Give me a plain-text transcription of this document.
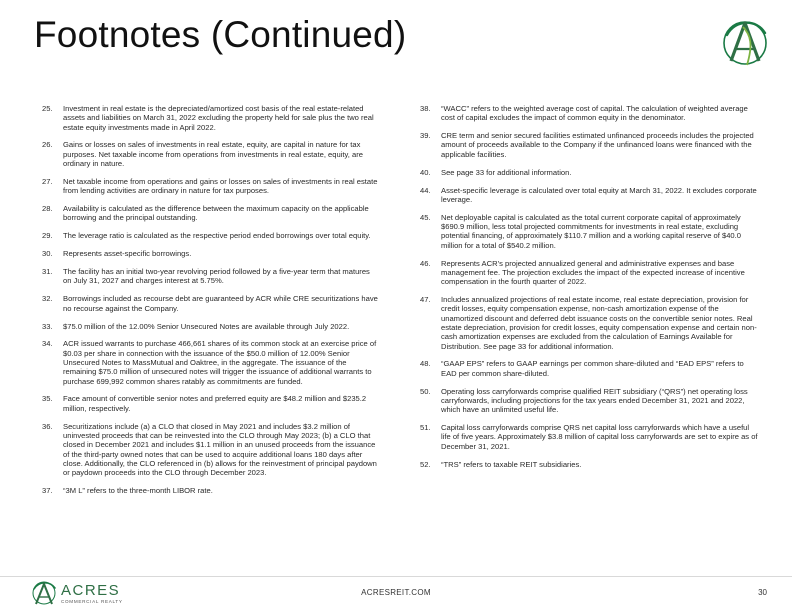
Footnotes (Continued)
25.	Investment in real estate is the depreciated/amortized cost basis of the real estate-related assets and liabilities on March 31, 2022 excluding the property held for sale plus the two real estate equity investments made in April 2022.
26.	Gains or losses on sales of investments in real estate, equity, are capital in nature for tax purposes. Net taxable income from operations from investments in real estate, equity, are ordinary in nature.
27.	Net taxable income from operations and gains or losses on sales of investments in real estate from lending activities are ordinary in nature for tax purposes.
28.	Availability is calculated as the difference between the maximum capacity on the applicable borrowing and the principal outstanding.
29.	The leverage ratio is calculated as the respective period ended borrowings over total equity.
30.	Represents asset-specific borrowings.
31.	The facility has an initial two-year revolving period followed by a five-year term that matures on July 31, 2027 and charges interest at 5.75%.
32.	Borrowings included as recourse debt are guaranteed by ACR while CRE securitizations have no recourse against the Company.
33.	$75.0 million of the 12.00% Senior Unsecured Notes are available through July 2022.
34.	ACR issued warrants to purchase 466,661 shares of its common stock at an exercise price of $0.03 per share in connection with the issuance of the $50.0 million of 12.00% Senior Unsecured Notes to MassMutual and Oaktree, in the aggregate. The issuance of the remaining $75.0 million of unsecured notes will trigger the issuance of additional warrants to purchase 699,992 common shares ratably as commitments are funded.
35.	Face amount of convertible senior notes and preferred equity are $48.2 million and $235.2 million, respectively.
36.	Securitizations include (a) a CLO that closed in May 2021 and includes $3.2 million of uninvested proceeds that can be reinvested into the CLO through May 2023; (b) a CLO that closed in December 2021 and includes $1.1 million in an unused proceeds from the issuance of the third-party owned notes that can be used to acquire additional loans 180 days after close. Additionally, the CLO referenced in (b) allows for the reinvestment of principal paydown or paydown proceeds into the CLO through December 2023.
37.	“3M L” refers to the three-month LIBOR rate.
38.	“WACC” refers to the weighted average cost of capital. The calculation of weighted average cost of capital excludes the impact of common equity in the denominator.
39.	CRE term and senior secured facilities estimated unfinanced proceeds includes the projected amount of proceeds available to the Company if the unfinanced loans were financed with the applicable facilities.
40.	See page 33 for additional information.
44.	Asset-specific leverage is calculated over total equity at March 31, 2022. It excludes corporate leverage.
45.	Net deployable capital is calculated as the total current corporate capital of approximately $690.9 million, less total projected commitments for investments in real estate, excluding potential financing, of approximately $110.7 million and a working capital reserve of $40.0 million for a total of $540.2 million.
46.	Represents ACR’s projected annualized general and administrative expenses and base management fee. The projection excludes the impact of the expected increase of incentive compensation in the fourth quarter of 2022.
47.	Includes annualized projections of real estate income, real estate depreciation, provision for credit losses, equity compensation expense, non-cash amortization expense of the unamortized discount and deferred debt issuance costs on the convertible senior notes. Real estate depreciation, provision for credit losses, equity compensation expense and certain non-cash amortization expenses are excluded from the calculation of Earnings Available for Distribution. See page 33 for additional information.
48.	“GAAP EPS” refers to GAAP earnings per common share-diluted and “EAD EPS” refers to EAD per common share-diluted.
50.	Operating loss carryforwards comprise qualified REIT subsidiary (“QRS”) net operating loss carryforwards, including projections for the tax years ended December 31, 2021 and 2022, which have an unlimited useful life.
51.	Capital loss carryforwards comprise QRS net capital loss carryforwards which have a useful life of five years. Approximately $3.8 million of capital loss carryforwards are set to expire as of December 31, 2021.
52.	“TRS” refers to taxable REIT subsidiaries.
ACRES
COMMERCIAL REALTY
ACRESREIT.COM	30
